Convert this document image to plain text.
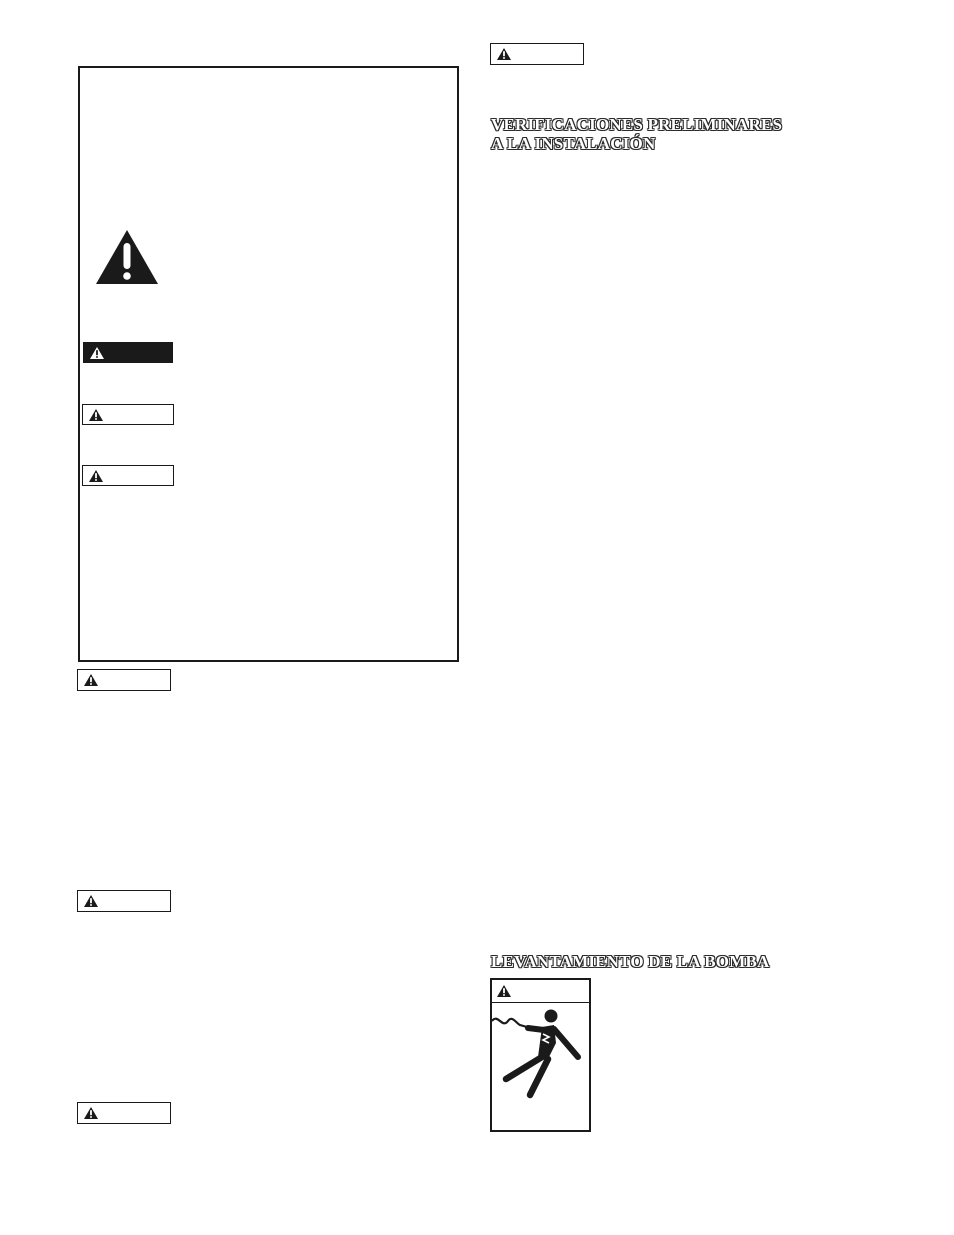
VERIFICACIONES PRELIMINARES
A LA INSTALACIÓN
LEVANTAMIENTO DE LA BOMBA
